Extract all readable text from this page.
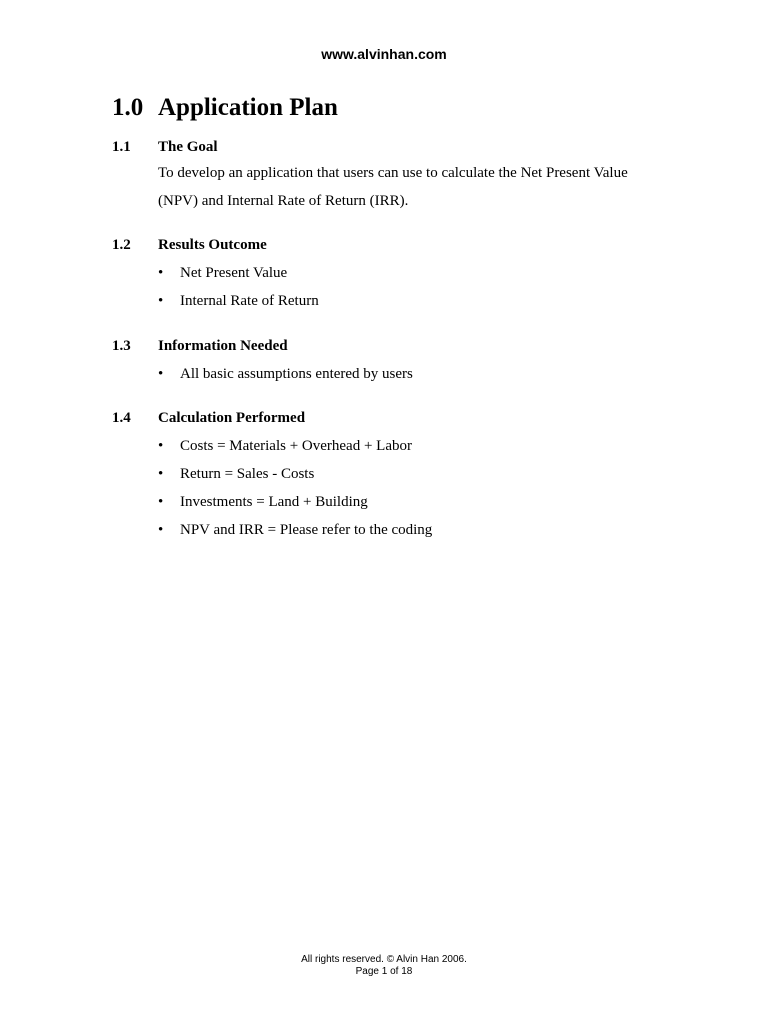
www.alvinhan.com
1.0 Application Plan
1.1 The Goal

To develop an application that users can use to calculate the Net Present Value
(NPV) and Internal Rate of Return (IRR).

1.2 Results Outcome
• Net Present Value
• Internal Rate of Return
1.3 Information Needed
• All basic assumptions entered by users
1.4 Calculation Performed
• Costs = Materials + Overhead + Labor
• Return = Sales - Costs
• Investments = Land + Building
• NPV and IRR = Please refer to the coding
All rights reserved. © Alvin Han 2006.
Page 1 of 18
